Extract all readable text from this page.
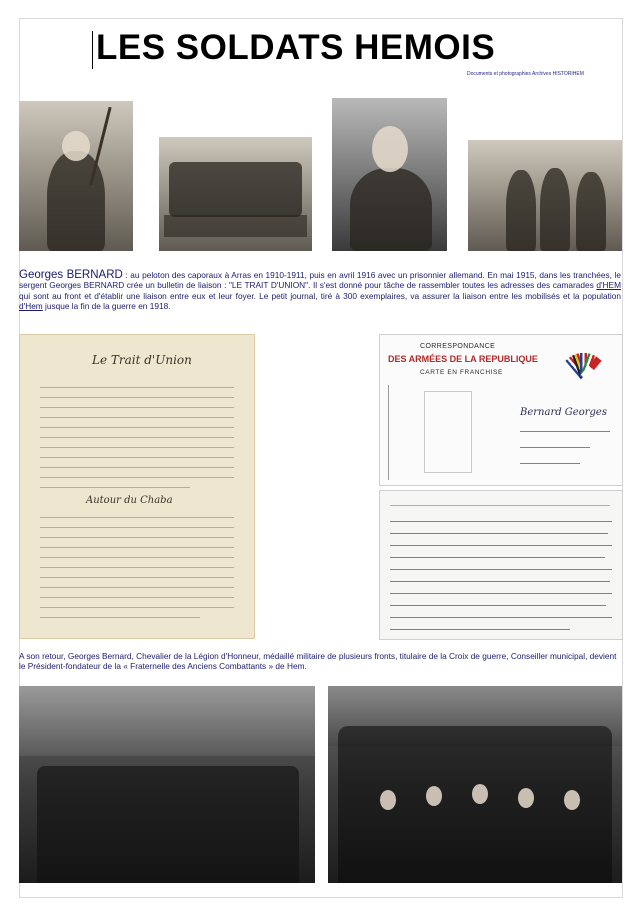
LES SOLDATS HEMOIS
Documents et photographies Archives HISTORIHEM
Georges BERNARD : au peloton des caporaux à Arras en 1910-1911, puis en avril 1916 avec un prisonnier allemand. En mai 1915, dans les tranchées, le sergent Georges BERNARD crée un bulletin de liaison : "LE TRAIT D'UNION". Il s'est donné pour tâche de rassembler toutes les adresses des camarades d'HEM qui sont au front et d'établir une liaison entre eux et leur foyer. Le petit journal, tiré à 300 exemplaires, va assurer la liaison entre les mobilisés et la population d'Hem jusque la fin de la guerre en 1918.
Le Trait d'Union
Autour du Chaba
CORRESPONDANCE
DES ARMÉES DE LA REPUBLIQUE
CARTE EN FRANCHISE
Bernard Georges
A son retour, Georges Bernard, Chevalier de la Légion d'Honneur, médaillé militaire de plusieurs fronts, titulaire de la Croix de guerre, Conseiller municipal, devient le Président-fondateur de la « Fraternelle des Anciens Combattants » de Hem.
